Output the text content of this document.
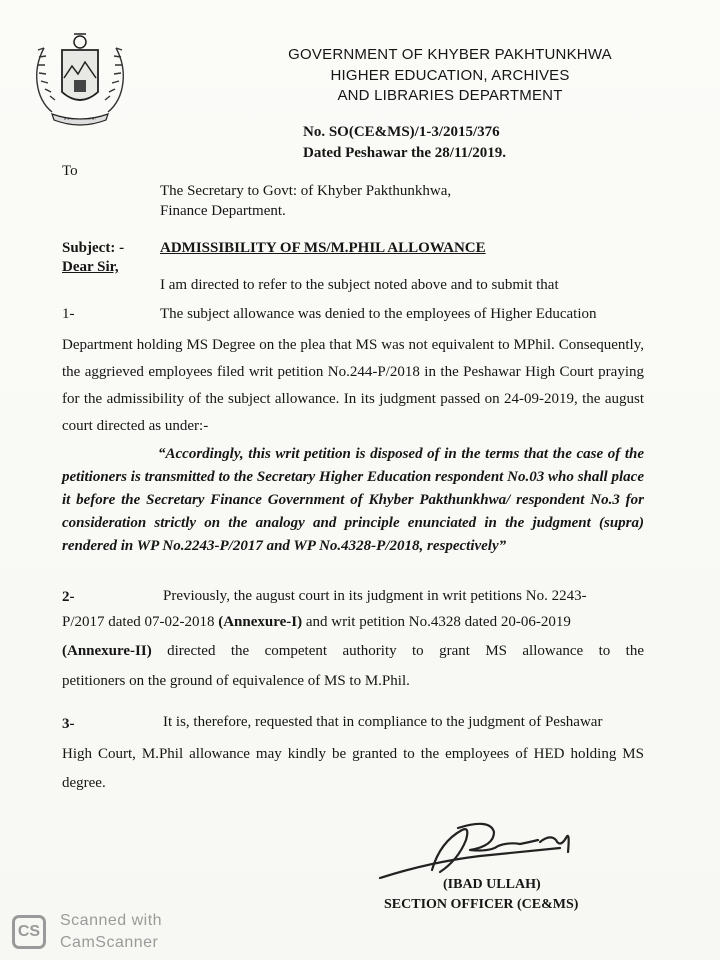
GOVERNMENT OF KHYBER PAKHTUNKHWA
HIGHER EDUCATION, ARCHIVES
AND LIBRARIES DEPARTMENT
No. SO(CE&MS)/1-3/2015/376
Dated Peshawar the 28/11/2019.
To
The Secretary to Govt: of Khyber Pakthunkhwa,
Finance Department.
Subject: - ADMISSIBILITY OF MS/M.PHIL ALLOWANCE
Dear Sir,
I am directed to refer to the subject noted above and to submit that
1-	The subject allowance was denied to the employees of Higher Education
Department holding MS Degree on the plea that MS was not equivalent to MPhil. Consequently, the aggrieved employees filed writ petition No.244-P/2018 in the Peshawar High Court praying for the admissibility of the subject allowance. In its judgment passed on 24-09-2019, the august court directed as under:-
“Accordingly, this writ petition is disposed of in the terms that the case of the petitioners is transmitted to the Secretary Higher Education respondent No.03 who shall place it before the Secretary Finance Government of Khyber Pakthunkhwa/ respondent No.3 for consideration strictly on the analogy and principle enunciated in the judgment (supra) rendered in WP No.2243-P/2017 and WP No.4328-P/2018, respectively”
2-	Previously, the august court in its judgment in writ petitions No. 2243-
P/2017 dated 07-02-2018 (Annexure-I) and writ petition No.4328 dated 20-06-2019
(Annexure-II) directed the competent authority to grant MS allowance to the
petitioners on the ground of equivalence of MS to M.Phil.
3-	It is, therefore, requested that in compliance to the judgment of Peshawar
High Court, M.Phil allowance may kindly be granted to the employees of HED holding MS degree.
(IBAD ULLAH)
SECTION OFFICER (CE&MS)
CS
Scanned with
CamScanner
